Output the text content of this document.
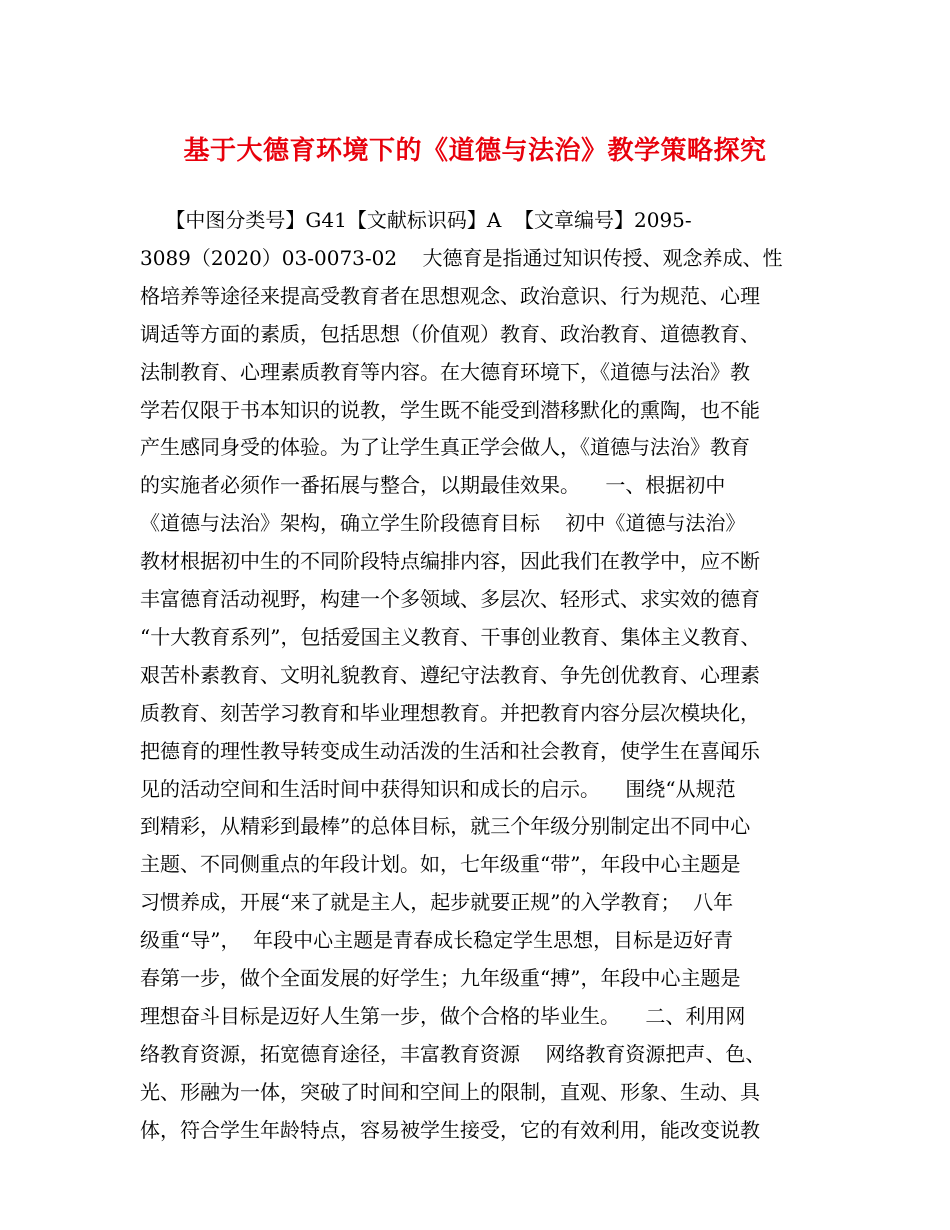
基于大德育环境下的《道德与法治》教学策略探究
【中图分类号】G41【文献标识码】A  【文章编号】2095-
3089（2020）03-0073-02    大德育是指通过知识传授、观念养成、性
格培养等途径来提高受教育者在思想观念、政治意识、行为规范、心理
调适等方面的素质，包括思想（价值观）教育、政治教育、道德教育、
法制教育、心理素质教育等内容。在大德育环境下，《道德与法治》教
学若仅限于书本知识的说教，学生既不能受到潜移默化的熏陶，也不能
产生感同身受的体验。为了让学生真正学会做人，《道德与法治》教育
的实施者必须作一番拓展与整合，以期最佳效果。    一、根据初中
《道德与法治》架构，确立学生阶段德育目标    初中《道德与法治》
教材根据初中生的不同阶段特点编排内容，因此我们在教学中，应不断
丰富德育活动视野，构建一个多领域、多层次、轻形式、求实效的德育
“十大教育系列”，包括爱国主义教育、干事创业教育、集体主义教育、
艰苦朴素教育、文明礼貌教育、遵纪守法教育、争先创优教育、心理素
质教育、刻苦学习教育和毕业理想教育。并把教育内容分层次模块化，
把德育的理性教导转变成生动活泼的生活和社会教育，使学生在喜闻乐
见的活动空间和生活时间中获得知识和成长的启示。    围绕“从规范
到精彩，从精彩到最棒”的总体目标，就三个年级分别制定出不同中心
主题、不同侧重点的年段计划。如，七年级重“带”，年段中心主题是
习惯养成，开展“来了就是主人，起步就要正规”的入学教育；  八年
级重“导”，  年段中心主题是青春成长稳定学生思想，目标是迈好青
春第一步，做个全面发展的好学生；九年级重“搏”，年段中心主题是
理想奋斗目标是迈好人生第一步，做个合格的毕业生。    二、利用网
络教育资源，拓宽德育途径，丰富教育资源    网络教育资源把声、色、
光、形融为一体，突破了时间和空间上的限制，直观、形象、生动、具
体，符合学生年龄特点，容易被学生接受，它的有效利用，能改变说教
